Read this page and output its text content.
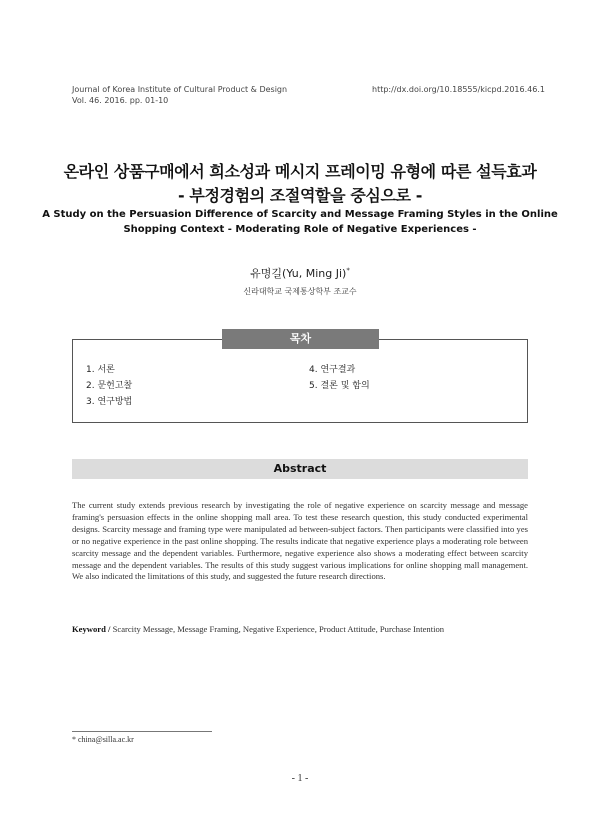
Journal of Korea Institute of Cultural Product & Design
Vol. 46. 2016. pp. 01-10
http://dx.doi.org/10.18555/kicpd.2016.46.1
온라인 상품구매에서 희소성과 메시지 프레이밍 유형에 따른 설득효과
- 부정경험의 조절역할을 중심으로 -
A Study on the Persuasion Difference of Scarcity and Message Framing Styles in the Online
Shopping Context - Moderating Role of Negative Experiences -
유명길(Yu, Ming Ji)*
신라대학교 국제통상학부 조교수
목차
1. 서론
2. 문헌고찰
3. 연구방법
4. 연구결과
5. 결론 및 함의
Abstract
The current study extends previous research by investigating the role of negative experience on scarcity message and message framing's persuasion effects in the online shopping mall area. To test these research question, this study conducted experimental designs. Scarcity message and framing type were manipulated ad between-subject factors. Then participants were classified into yes or no negative experience in the past online shopping. The results indicate that negative experience plays a moderating role between scarcity message and the dependent variables. Furthermore, negative experience also shows a moderating effect between scarcity message and the dependent variables. The results of this study suggest various implications for online shopping mall management. We also indicated the limitations of this study, and suggested the future research directions.
Keyword / Scarcity Message, Message Framing, Negative Experience, Product Attitude, Purchase Intention
* china@silla.ac.kr
- 1 -
